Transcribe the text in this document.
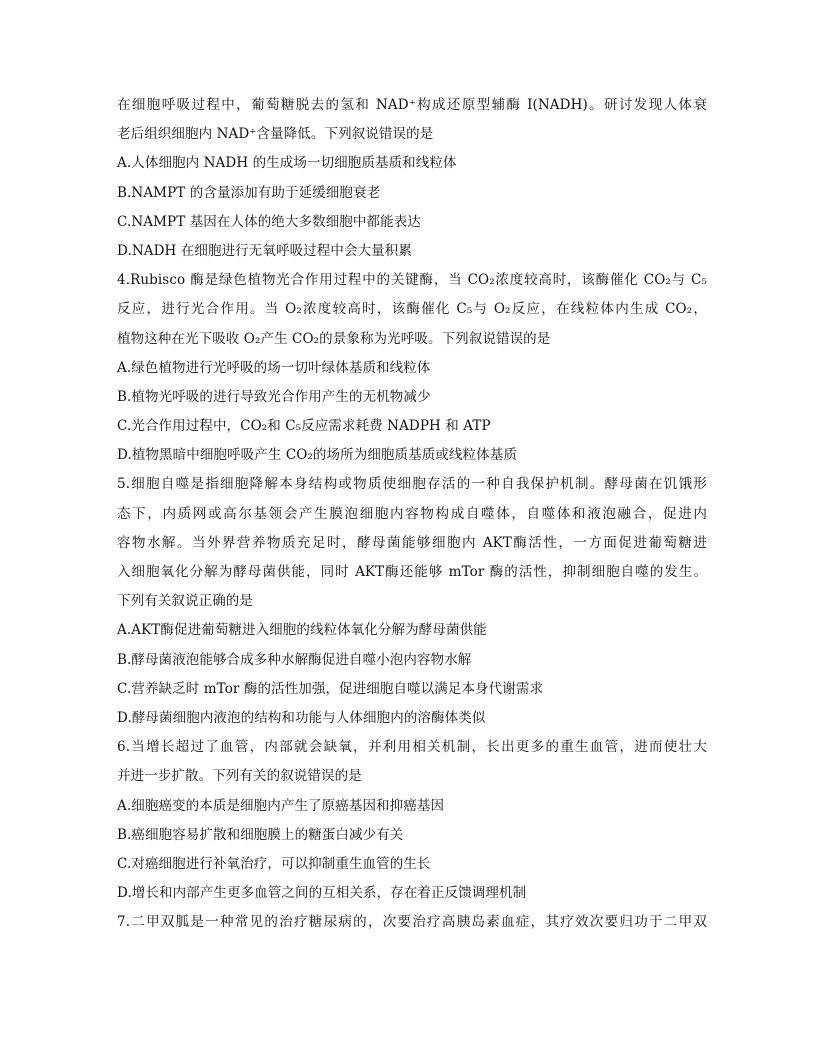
在细胞呼吸过程中，葡萄糖脱去的氢和 NAD⁺构成还原型辅酶 I(NADH)。研讨发现人体衰
老后组织细胞内 NAD⁺含量降低。下列叙说错误的是
A.人体细胞内 NADH 的生成场一切细胞质基质和线粒体
B.NAMPT 的含量添加有助于延缓细胞衰老
C.NAMPT 基因在人体的绝大多数细胞中都能表达
D.NADH 在细胞进行无氧呼吸过程中会大量积累
4.Rubisco 酶是绿色植物光合作用过程中的关键酶，当 CO₂浓度较高时，该酶催化 CO₂与 C₅
反应，进行光合作用。当 O₂浓度较高时，该酶催化 C₅与 O₂反应，在线粒体内生成 CO₂，
植物这种在光下吸收 O₂产生 CO₂的景象称为光呼吸。下列叙说错误的是
A.绿色植物进行光呼吸的场一切叶绿体基质和线粒体
B.植物光呼吸的进行导致光合作用产生的无机物减少
C.光合作用过程中，CO₂和 C₅反应需求耗费 NADPH 和 ATP
D.植物黑暗中细胞呼吸产生 CO₂的场所为细胞质基质或线粒体基质
5.细胞自噬是指细胞降解本身结构或物质使细胞存活的一种自我保护机制。酵母菌在饥饿形
态下，内质网或高尔基领会产生膜泡细胞内容物构成自噬体，自噬体和液泡融合，促进内
容物水解。当外界营养物质充足时，酵母菌能够细胞内 AKT酶活性，一方面促进葡萄糖进
入细胞氧化分解为酵母菌供能，同时 AKT酶还能够 mTor 酶的活性，抑制细胞自噬的发生。
下列有关叙说正确的是
A.AKT酶促进葡萄糖进入细胞的线粒体氧化分解为酵母菌供能
B.酵母菌液泡能够合成多种水解酶促进自噬小泡内容物水解
C.营养缺乏时 mTor 酶的活性加强，促进细胞自噬以满足本身代谢需求
D.酵母菌细胞内液泡的结构和功能与人体细胞内的溶酶体类似
6.当增长超过了血管，内部就会缺氧，并利用相关机制，长出更多的重生血管，进而使壮大
并进一步扩散。下列有关的叙说错误的是
A.细胞癌变的本质是细胞内产生了原癌基因和抑癌基因
B.癌细胞容易扩散和细胞膜上的糖蛋白减少有关
C.对癌细胞进行补氧治疗，可以抑制重生血管的生长
D.增长和内部产生更多血管之间的互相关系，存在着正反馈调理机制
7.二甲双胍是一种常见的治疗糖尿病的，次要治疗高胰岛素血症，其疗效次要归功于二甲双
